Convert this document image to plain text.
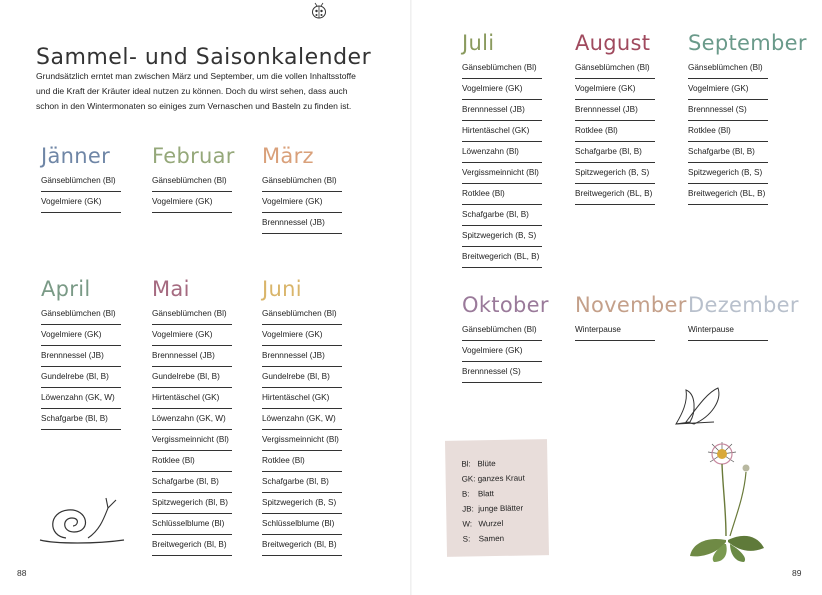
Sammel- und Saisonkalender

Grundsätzlich erntet man zwischen März und September, um die vollen Inhaltsstoffe und die Kraft der Kräuter ideal nutzen zu können. Doch du wirst sehen, dass auch schon in den Wintermonaten so einiges zum Vernaschen und Basteln zu finden ist.

Jänner
Gänseblümchen (Bl)
Vogelmiere (GK)
Februar
Gänseblümchen (Bl)
Vogelmiere (GK)
März
Gänseblümchen (Bl)
Vogelmiere (GK)
Brennnessel (JB)
April
Gänseblümchen (Bl)
Vogelmiere (GK)
Brennnessel (JB)
Gundelrebe (Bl, B)
Löwenzahn (GK, W)
Schafgarbe (Bl, B)
Mai
Gänseblümchen (Bl)
Vogelmiere (GK)
Brennnessel (JB)
Gundelrebe (Bl, B)
Hirtentäschel (GK)
Löwenzahn (GK, W)
Vergissmeinnicht (Bl)
Rotklee (Bl)
Schafgarbe (Bl, B)
Spitzwegerich (Bl, B)
Schlüsselblume (Bl)
Breitwegerich (Bl, B)
Juni
Gänseblümchen (Bl)
Vogelmiere (GK)
Brennnessel (JB)
Gundelrebe (Bl, B)
Hirtentäschel (GK)
Löwenzahn (GK, W)
Vergissmeinnicht (Bl)
Rotklee (Bl)
Schafgarbe (Bl, B)
Spitzwegerich (B, S)
Schlüsselblume (Bl)
Breitwegerich (Bl, B)
Juli
Gänseblümchen (Bl)
Vogelmiere (GK)
Brennnessel (JB)
Hirtentäschel (GK)
Löwenzahn (Bl)
Vergissmeinnicht (Bl)
Rotklee (Bl)
Schafgarbe (Bl, B)
Spitzwegerich (B, S)
Breitwegerich (BL, B)
August
Gänseblümchen (Bl)
Vogelmiere (GK)
Brennnessel (JB)
Rotklee (Bl)
Schafgarbe (Bl, B)
Spitzwegerich (B, S)
Breitwegerich (BL, B)
September
Gänseblümchen (Bl)
Vogelmiere (GK)
Brennnessel (S)
Rotklee (Bl)
Schafgarbe (Bl, B)
Spitzwegerich (B, S)
Breitwegerich (BL, B)
Oktober
Gänseblümchen (Bl)
Vogelmiere (GK)
Brennnessel (S)
November
Winterpause
Dezember
Winterpause
Bl: Blüte
GK: ganzes Kraut
B: Blatt
JB: junge Blätter
W: Wurzel
S: Samen
88	89
